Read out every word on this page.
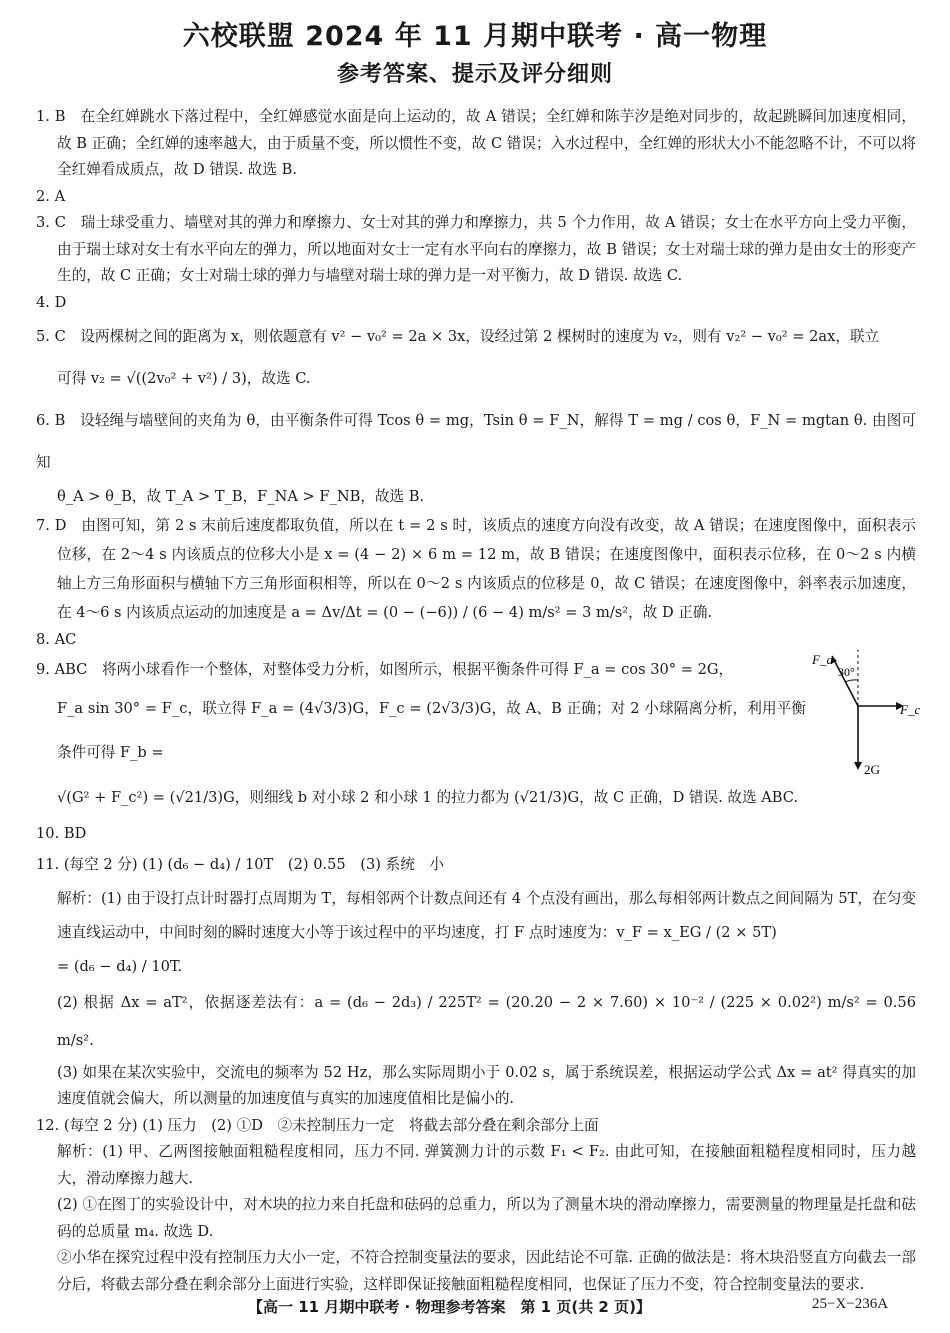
六校联盟 2024 年 11 月期中联考 · 高一物理
参考答案、提示及评分细则

1. B　在全红婵跳水下落过程中，全红婵感觉水面是向上运动的，故 A 错误；全红婵和陈芋汐是绝对同步的，故起跳瞬间加速度相同，故 B 正确；全红婵的速率越大，由于质量不变，所以惯性不变，故 C 错误；入水过程中，全红婵的形状大小不能忽略不计，不可以将全红婵看成质点，故 D 错误. 故选 B.

2. A

3. C　瑞士球受重力、墙壁对其的弹力和摩擦力、女士对其的弹力和摩擦力，共 5 个力作用，故 A 错误；女士在水平方向上受力平衡，由于瑞士球对女士有水平向左的弹力，所以地面对女士一定有水平向右的摩擦力，故 B 错误；女士对瑞士球的弹力是由女士的形变产生的，故 C 正确；女士对瑞士球的弹力与墙壁对瑞士球的弹力是一对平衡力，故 D 错误. 故选 C.

4. D

5. C　设两棵树之间的距离为 x，则依题意有 v² − v₀² = 2a × 3x，设经过第 2 棵树时的速度为 v₂，则有 v₂² − v₀² = 2ax，联立

可得 v₂ = √((2v₀² + v²) / 3)，故选 C.

6. B　设轻绳与墙壁间的夹角为 θ，由平衡条件可得 Tcos θ = mg，Tsin θ = F_N，解得 T = mg / cos θ，F_N = mgtan θ. 由图可知

θ_A > θ_B，故 T_A > T_B，F_NA > F_NB，故选 B.

7. D　由图可知，第 2 s 末前后速度都取负值，所以在 t = 2 s 时，该质点的速度方向没有改变，故 A 错误；在速度图像中，面积表示位移，在 2～4 s 内该质点的位移大小是 x = (4 − 2) × 6 m = 12 m，故 B 错误；在速度图像中，面积表示位移，在 0～2 s 内横轴上方三角形面积与横轴下方三角形面积相等，所以在 0～2 s 内该质点的位移是 0，故 C 错误；在速度图像中，斜率表示加速度，在 4～6 s 内该质点运动的加速度是 a = Δv/Δt = (0 − (−6)) / (6 − 4) m/s² = 3 m/s²，故 D 正确.

8. AC

9. ABC　将两小球看作一个整体，对整体受力分析，如图所示，根据平衡条件可得 F_a = cos 30° = 2G，

F_a sin 30° = F_c，联立得 F_a = (4√3/3)G，F_c = (2√3/3)G，故 A、B 正确；对 2 小球隔离分析，利用平衡条件可得 F_b =

√(G² + F_c²) = (√21/3)G，则细线 b 对小球 2 和小球 1 的拉力都为 (√21/3)G，故 C 正确，D 错误. 故选 ABC.

10. BD

11. (每空 2 分) (1) (d₆ − d₄) / 10T　(2) 0.55　(3) 系统　小

解析：(1) 由于设打点计时器打点周期为 T，每相邻两个计数点间还有 4 个点没有画出，那么每相邻两计数点之间间隔为 5T，在匀变速直线运动中，中间时刻的瞬时速度大小等于该过程中的平均速度，打 F 点时速度为：v_F = x_EG / (2 × 5T)

= (d₆ − d₄) / 10T.

(2) 根据 Δx = aT²，依据逐差法有：a = (d₆ − 2d₃) / 225T² = (20.20 − 2 × 7.60) × 10⁻² / (225 × 0.02²) m/s² = 0.56 m/s².

(3) 如果在某次实验中，交流电的频率为 52 Hz，那么实际周期小于 0.02 s，属于系统误差，根据运动学公式 Δx = at² 得真实的加速度值就会偏大，所以测量的加速度值与真实的加速度值相比是偏小的.

12. (每空 2 分) (1) 压力　(2) ①D　②未控制压力一定　将截去部分叠在剩余部分上面

解析：(1) 甲、乙两图接触面粗糙程度相同，压力不同. 弹簧测力计的示数 F₁ < F₂. 由此可知，在接触面粗糙程度相同时，压力越大，滑动摩擦力越大.

(2) ①在图丁的实验设计中，对木块的拉力来自托盘和砝码的总重力，所以为了测量木块的滑动摩擦力，需要测量的物理量是托盘和砝码的总质量 m₄. 故选 D.

②小华在探究过程中没有控制压力大小一定，不符合控制变量法的要求，因此结论不可靠. 正确的做法是：将木块沿竖直方向截去一部分后，将截去部分叠在剩余部分上面进行实验，这样即保证接触面粗糙程度相同，也保证了压力不变，符合控制变量法的要求.

F_a
30°
F_c
2G
【高一 11 月期中联考 · 物理参考答案　第 1 页(共 2 页)】	25−X−236A
